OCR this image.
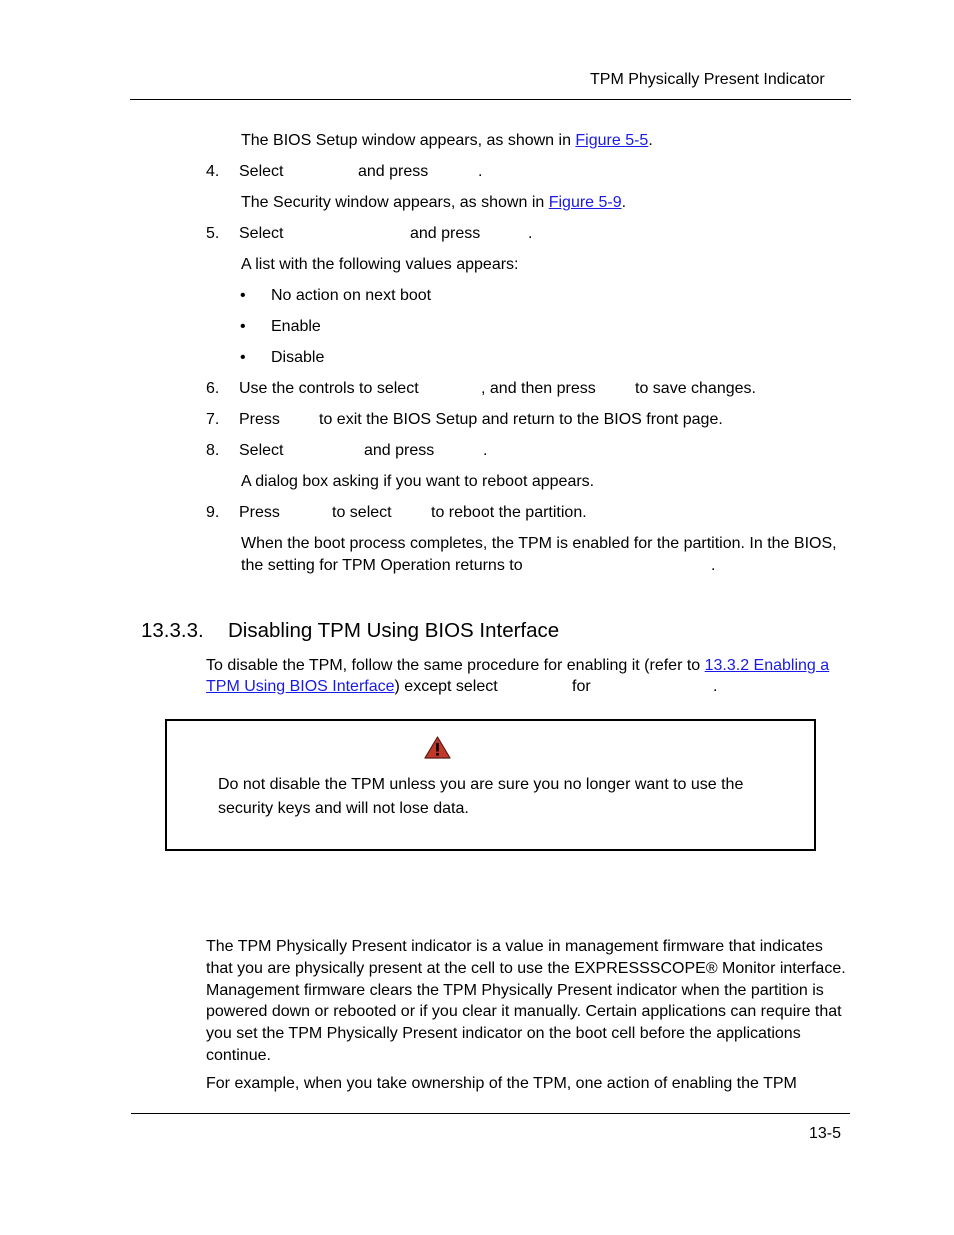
TPM Physically Present Indicator
The BIOS Setup window appears, as shown in Figure 5-5.
4. Select	and press	.
The Security window appears, as shown in Figure 5-9.
5. Select	and press	.
A list with the following values appears:
• No action on next boot
• Enable
• Disable
6. Use the controls to select	, and then press to save changes.
7. Press to exit the BIOS Setup and return to the BIOS front page.
8. Select	and press	.
A dialog box asking if you want to reboot appears.
9. Press	to select to reboot the partition.
When the boot process completes, the TPM is enabled for the partition. In the BIOS,
the setting for TPM Operation returns to	.
13.3.3. Disabling TPM Using BIOS Interface
To disable the TPM, follow the same procedure for enabling it (refer to 13.3.2 Enabling a
TPM Using BIOS Interface) except select	for	.
Do not disable the TPM unless you are sure you no longer want to use the
security keys and will not lose data.
The TPM Physically Present indicator is a value in management firmware that indicates that you are physically present at the cell to use the EXPRESSSCOPE® Monitor interface. Management firmware clears the TPM Physically Present indicator when the partition is powered down or rebooted or if you clear it manually. Certain applications can require that you set the TPM Physically Present indicator on the boot cell before the applications continue.
For example, when you take ownership of the TPM, one action of enabling the TPM
13-5
